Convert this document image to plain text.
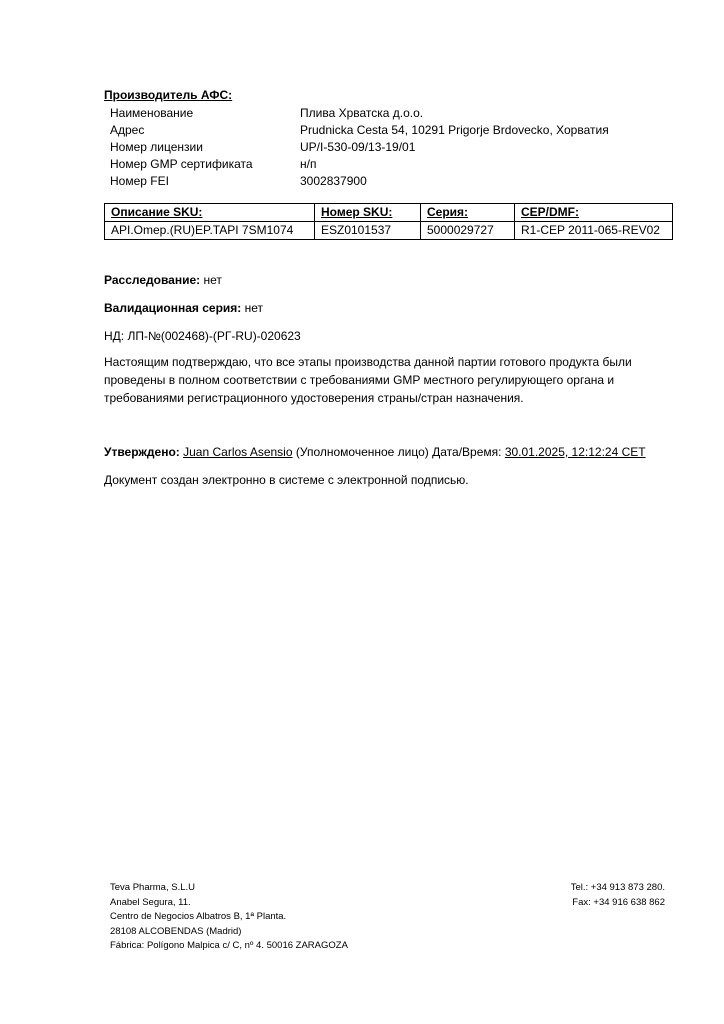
Производитель АФС:
Наименование	Плива Хрватска д.о.о.
Адрес	Prudnicka Cesta 54, 10291 Prigorje Brdovecko, Хорватия
Номер лицензии	UP/I-530-09/13-19/01
Номер GMP сертификата	н/п
Номер FEI	3002837900
Описание SKU:	Номер SKU:	Серия:	CEP/DMF:
API.Omep.(RU)EP.TAPI 7SM1074	ESZ0101537	5000029727	R1-CEP 2011-065-REV02
Расследование: нет
Валидационная серия: нет
НД: ЛП-№(002468)-(РГ-RU)-020623
Настоящим подтверждаю, что все этапы производства данной партии готового продукта были проведены в полном соответствии с требованиями GMP местного регулирующего органа и требованиями регистрационного удостоверения страны/стран назначения.
Утверждено: Juan Carlos Asensio (Уполномоченное лицо) Дата/Время: 30.01.2025, 12:12:24 CET
Документ создан электронно в системе с электронной подписью.
Teva Pharma, S.L.U
Anabel Segura, 11.
Centro de Negocios Albatros B, 1ª Planta.
28108 ALCOBENDAS (Madrid)
Fábrica: Polígono Malpica c/ C, nº 4. 50016 ZARAGOZA
Tel.: +34 913 873 280.
Fax: +34 916 638 862
